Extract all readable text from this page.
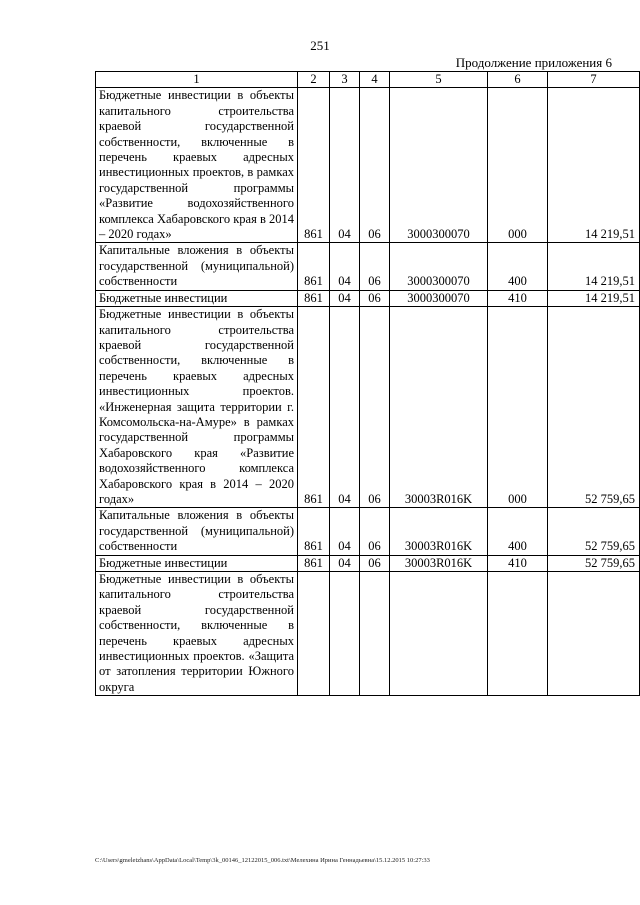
251
Продолжение приложения 6
1	2	3	4	5	6	7
Бюджетные инвестиции в объекты капитального строительства краевой государственной собственности, включенные в перечень краевых адресных инвестиционных проектов, в рамках государственной программы «Развитие водохозяйственного комплекса Хабаровского края в 2014 – 2020 годах»	861	04	06	3000300070	000	14 219,51
Капитальные вложения в объекты государственной (муниципальной) собственности	861	04	06	3000300070	400	14 219,51
Бюджетные инвестиции	861	04	06	3000300070	410	14 219,51
Бюджетные инвестиции в объекты капитального строительства краевой государственной собственности, включенные в перечень краевых адресных инвестиционных проектов. «Инженерная защита территории г. Комсомольска-на-Амуре» в рамках государственной программы Хабаровского края «Развитие водохозяйственного комплекса Хабаровского края в 2014 – 2020 годах»	861	04	06	30003R016K	000	52 759,65
Капитальные вложения в объекты государственной (муниципальной) собственности	861	04	06	30003R016K	400	52 759,65
Бюджетные инвестиции	861	04	06	30003R016K	410	52 759,65
Бюджетные инвестиции в объекты капитального строительства краевой государственной собственности, включенные в перечень краевых адресных инвестиционных проектов. «Защита от затопления территории Южного округа						
C:\Users\gmeletzhans\AppData\Local\Temp\3k_00146_12122015_006.txt\Мелехина Ирина Геннадьевна\15.12.2015 10:27:33
